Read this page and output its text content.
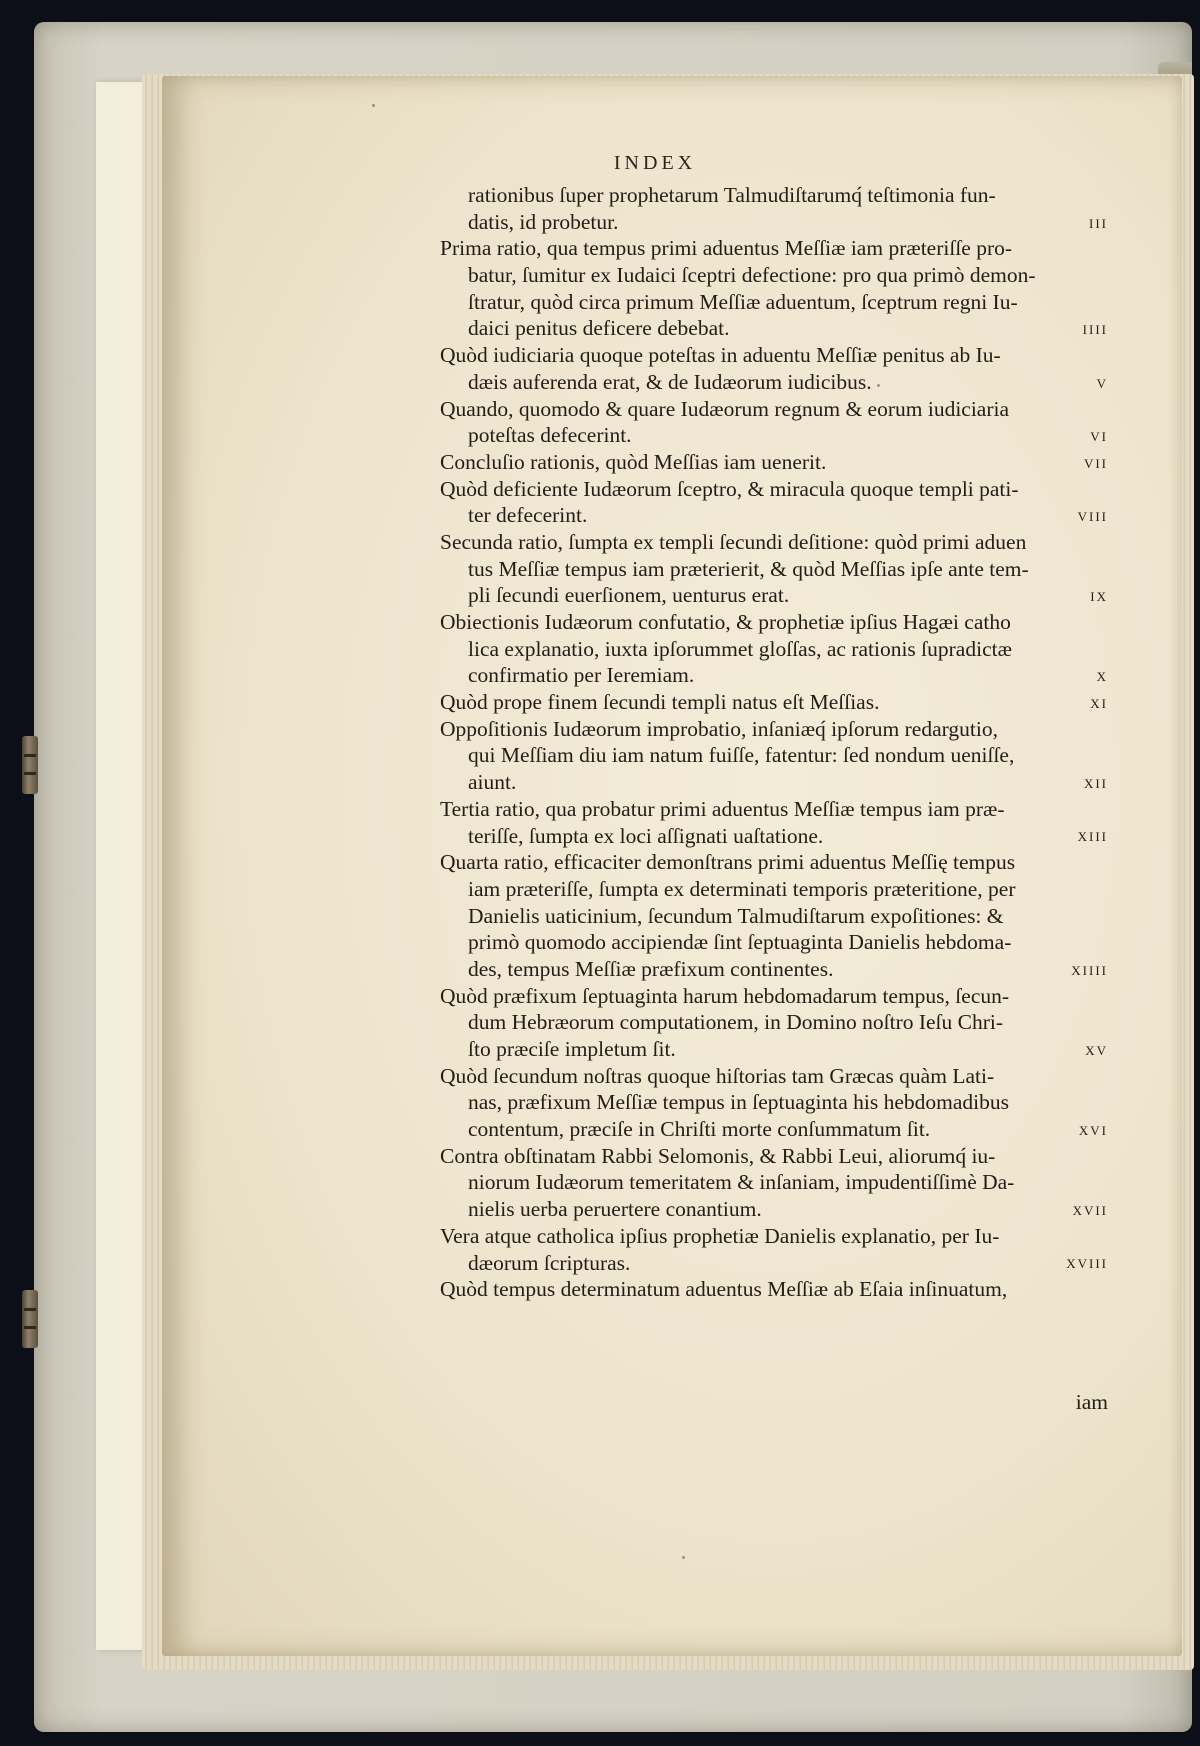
INDEX
rationibus ſuper prophetarum Talmudiſtarumq́ teſtimonia fun-
datis, id probetur.	iii
Prima ratio, qua tempus primi aduentus Meſſiæ iam præteriſſe pro-
batur, ſumitur ex Iudaici ſceptri defectione: pro qua primò demon-
ſtratur, quòd circa primum Meſſiæ aduentum, ſceptrum regni Iu-
daici penitus deficere debebat.	iiii
Quòd iudiciaria quoque poteſtas in aduentu Meſſiæ penitus ab Iu-
dæis auferenda erat, & de Iudæorum iudicibus.	v
Quando, quomodo & quare Iudæorum regnum & eorum iudiciaria
poteſtas defecerint.	vi
Concluſio rationis, quòd Meſſias iam uenerit.	vii
Quòd deficiente Iudæorum ſceptro, & miracula quoque templi pati-
ter defecerint.	viii
Secunda ratio, ſumpta ex templi ſecundi deſitione: quòd primi aduen
tus Meſſiæ tempus iam præterierit, & quòd Meſſias ipſe ante tem-
pli ſecundi euerſionem, uenturus erat.	ix
Obiectionis Iudæorum confutatio, & prophetiæ ipſius Hagæi catho
lica explanatio, iuxta ipſorummet gloſſas, ac rationis ſupradictæ
confirmatio per Ieremiam.	x
Quòd prope finem ſecundi templi natus eſt Meſſias.	xi
Oppoſitionis Iudæorum improbatio, inſaniæq́ ipſorum redargutio,
qui Meſſiam diu iam natum fuiſſe, fatentur: ſed nondum ueniſſe,
aiunt.	xii
Tertia ratio, qua probatur primi aduentus Meſſiæ tempus iam præ-
teriſſe, ſumpta ex loci aſſignati uaſtatione.	xiii
Quarta ratio, efficaciter demonſtrans primi aduentus Meſſię tempus
iam præteriſſe, ſumpta ex determinati temporis præteritione, per
Danielis uaticinium, ſecundum Talmudiſtarum expoſitiones: &
primò quomodo accipiendæ ſint ſeptuaginta Danielis hebdoma-
des, tempus Meſſiæ præfixum continentes.	xiiii
Quòd præfixum ſeptuaginta harum hebdomadarum tempus, ſecun-
dum Hebræorum computationem, in Domino noſtro Ieſu Chri-
ſto præciſe impletum ſit.	xv
Quòd ſecundum noſtras quoque hiſtorias tam Græcas quàm Lati-
nas, præfixum Meſſiæ tempus in ſeptuaginta his hebdomadibus
contentum, præciſe in Chriſti morte conſummatum ſit.	xvi
Contra obſtinatam Rabbi Selomonis, & Rabbi Leui, aliorumq́ iu-
niorum Iudæorum temeritatem & inſaniam, impudentiſſimè Da-
nielis uerba peruertere conantium.	xvii
Vera atque catholica ipſius prophetiæ Danielis explanatio, per Iu-
dæorum ſcripturas.	xviii
Quòd tempus determinatum aduentus Meſſiæ ab Eſaia inſinuatum,
iam
